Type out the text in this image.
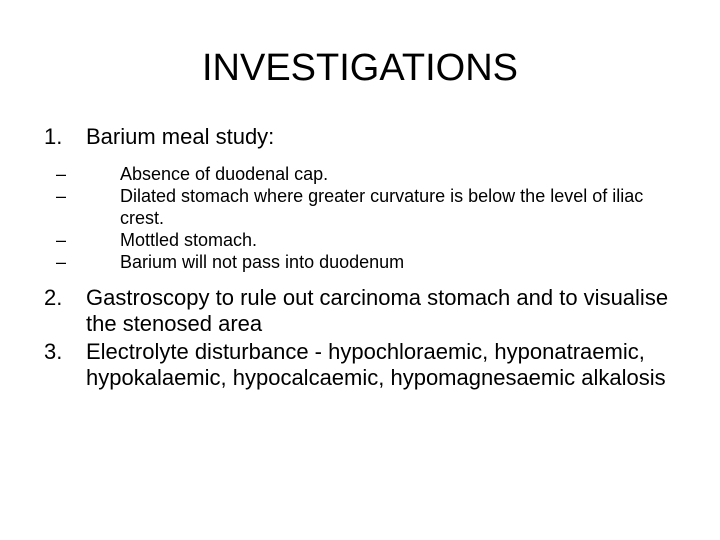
INVESTIGATIONS
1.	Barium meal study:
–	Absence of duodenal cap.
–	Dilated stomach where greater curvature is below the level of iliac crest.
–	Mottled stomach.
–	Barium will not pass into duodenum
2.	Gastroscopy to rule out carcinoma stomach and to visualise the stenosed area
3.	Electrolyte disturbance - hypochloraemic, hyponatraemic, hypokalaemic, hypocalcaemic, hypomagnesaemic alkalosis
